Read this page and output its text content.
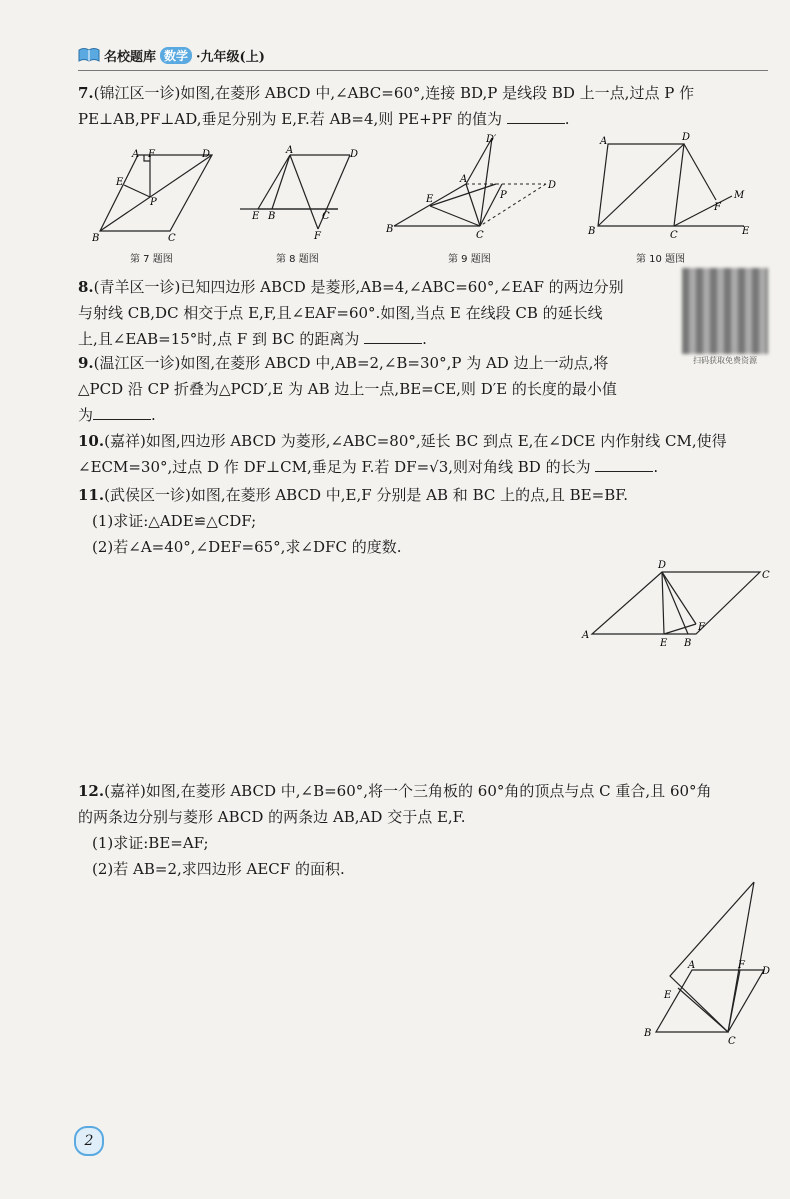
名校题库 数学 ·九年级(上)
7.(锦江区一诊)如图,在菱形 ABCD 中,∠ABC=60°,连接 BD,P 是线段 BD 上一点,过点 P 作
PE⊥AB,PF⊥AD,垂足分别为 E,F.若 AB=4,则 PE+PF 的值为	.
B	C
D
A F
E
P
第 7 题图
A	D
E B	C
F
第 8 题图
B
C
A
D′
E	P
D
第 9 题图
B	C
D
A
F
M
E
第 10 题图
扫码获取免费资源
8.(青羊区一诊)已知四边形 ABCD 是菱形,AB=4,∠ABC=60°,∠EAF 的两边分别
与射线 CB,DC 相交于点 E,F,且∠EAF=60°.如图,当点 E 在线段 CB 的延长线
上,且∠EAB=15°时,点 F 到 BC 的距离为	.
9.(温江区一诊)如图,在菱形 ABCD 中,AB=2,∠B=30°,P 为 AD 边上一动点,将
△PCD 沿 CP 折叠为△PCD′,E 为 AB 边上一点,BE=CE,则 D′E 的长度的最小值
为	.
10.(嘉祥)如图,四边形 ABCD 为菱形,∠ABC=80°,延长 BC 到点 E,在∠DCE 内作射线 CM,使得
∠ECM=30°,过点 D 作 DF⊥CM,垂足为 F.若 DF=√3,则对角线 BD 的长为	.
11.(武侯区一诊)如图,在菱形 ABCD 中,E,F 分别是 AB 和 BC 上的点,且 BE=BF.
(1)求证:△ADE≌△CDF;
(2)若∠A=40°,∠DEF=65°,求∠DFC 的度数.
A
E B
F
D
C
12.(嘉祥)如图,在菱形 ABCD 中,∠B=60°,将一个三角板的 60°角的顶点与点 C 重合,且 60°角
的两条边分别与菱形 ABCD 的两条边 AB,AD 交于点 E,F.
(1)求证:BE=AF;
(2)若 AB=2,求四边形 AECF 的面积.
B
C
A	F
D
E
2
